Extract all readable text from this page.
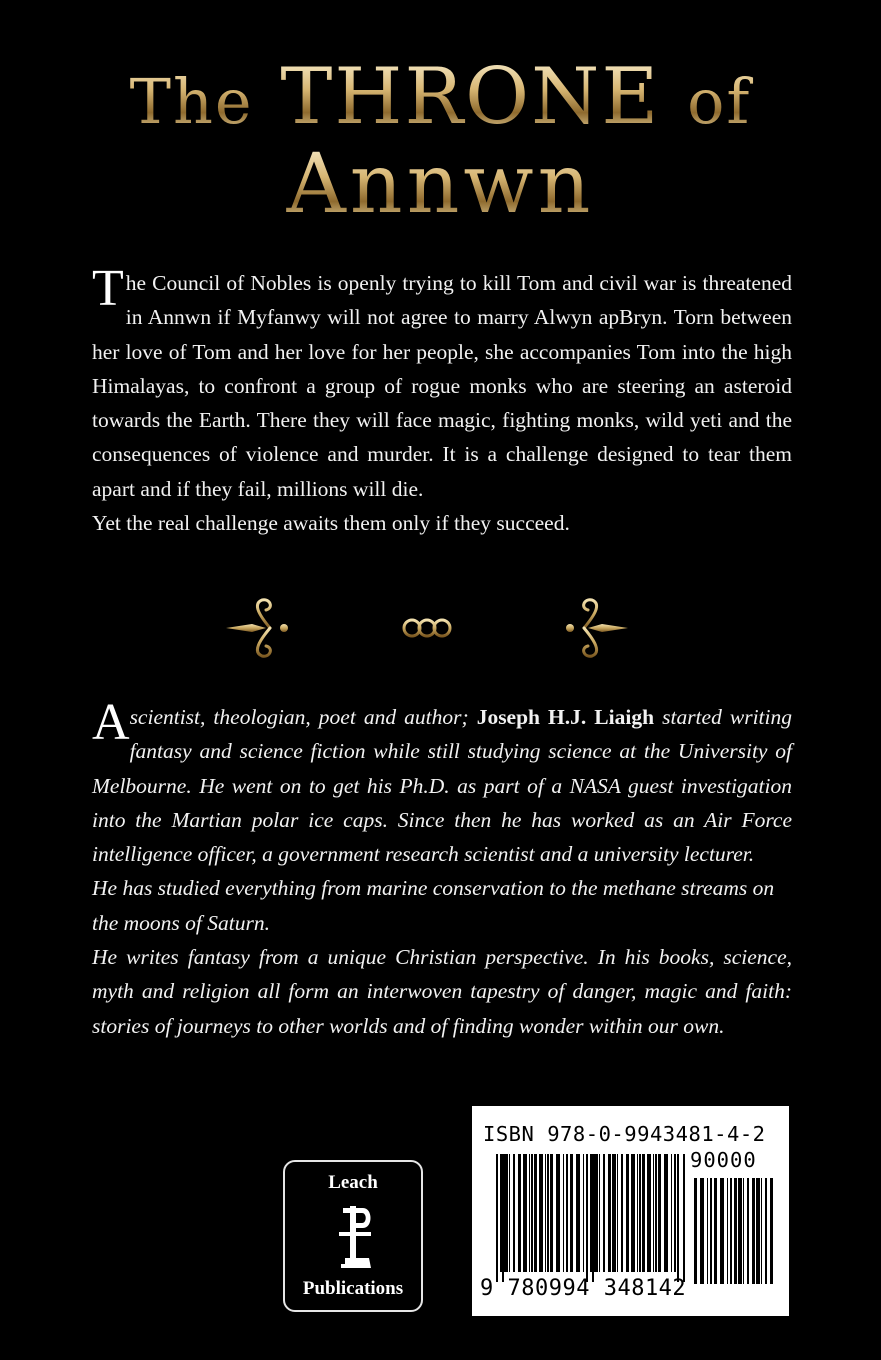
The THRONE of
Annwn
T he Council of Nobles is openly trying to kill Tom and civil war is threatened in Annwn if Myfanwy will not agree to marry Alwyn apBryn. Torn between her love of Tom and her love for her people, she accompanies Tom into the high Himalayas, to confront a group of rogue monks who are steering an asteroid towards the Earth. There they will face magic, fighting monks, wild yeti and the consequences of violence and murder. It is a challenge designed to tear them apart and if they fail, millions will die.

Yet the real challenge awaits them only if they succeed.

A scientist, theologian, poet and author; Joseph H.J. Liaigh started writing fantasy and science fiction while still studying science at the University of Melbourne. He went on to get his Ph.D. as part of a NASA guest investigation into the Martian polar ice caps. Since then he has worked as an Air Force intelligence officer, a government research scientist and a university lecturer.

He has studied everything from marine conservation to the methane streams on the moons of Saturn.

He writes fantasy from a unique Christian perspective. In his books, science, myth and religion all form an interwoven tapestry of danger, magic and faith: stories of journeys to other worlds and of finding wonder within our own.

Leach
Publications
ISBN 978-0-9943481-4-2
90000
9 780994 348142
